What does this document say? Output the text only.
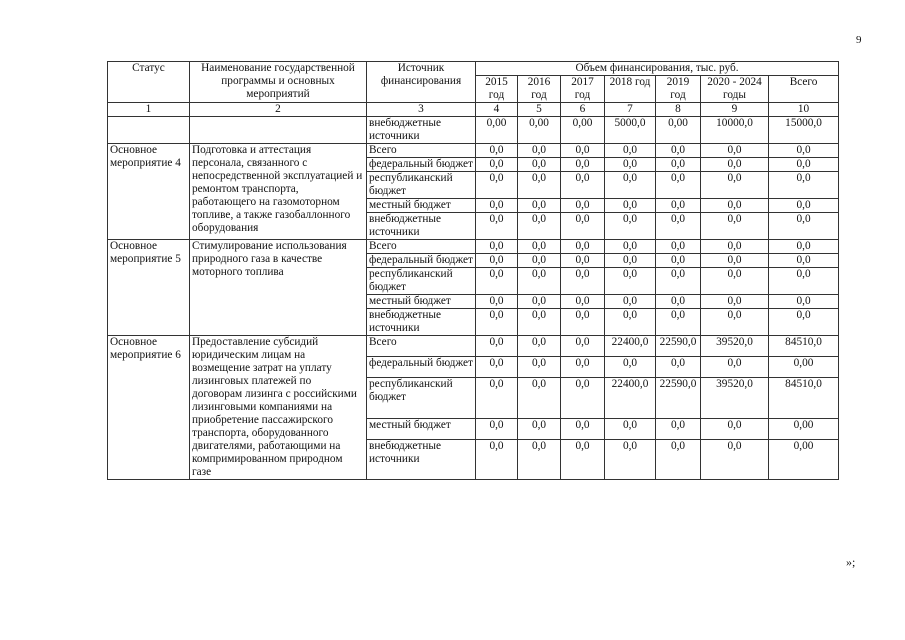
9
Статус	Наименование государственной программы и основных мероприятий	Источник финансирования	Объем финансирования, тыс. руб.						
			2015 год	2016 год	2017 год	2018 год	2019 год	2020 - 2024 годы	Всего
1	2	3	4	5	6	7	8	9	10
		внебюджетные источники	0,00	0,00	0,00	5000,0	0,00	10000,0	15000,0
Основное мероприятие 4	Подготовка и аттестация персонала, связанного с непосредственной эксплуатацией и ремонтом транспорта, работающего на газомоторном топливе, а также газобаллонного оборудования	Всего	0,0	0,0	0,0	0,0	0,0	0,0	0,0
		федеральный бюджет	0,0	0,0	0,0	0,0	0,0	0,0	0,0
		республиканский бюджет	0,0	0,0	0,0	0,0	0,0	0,0	0,0
		местный бюджет	0,0	0,0	0,0	0,0	0,0	0,0	0,0
		внебюджетные источники	0,0	0,0	0,0	0,0	0,0	0,0	0,0
Основное мероприятие 5	Стимулирование использования природного газа в качестве моторного топлива	Всего	0,0	0,0	0,0	0,0	0,0	0,0	0,0
		федеральный бюджет	0,0	0,0	0,0	0,0	0,0	0,0	0,0
		республиканский бюджет	0,0	0,0	0,0	0,0	0,0	0,0	0,0
		местный бюджет	0,0	0,0	0,0	0,0	0,0	0,0	0,0
		внебюджетные источники	0,0	0,0	0,0	0,0	0,0	0,0	0,0
Основное мероприятие 6	Предоставление субсидий юридическим лицам на возмещение затрат на уплату лизинговых платежей по договорам лизинга с российскими лизинговыми компаниями на приобретение пассажирского транспорта, оборудованного двигателями, работающими на компримированном природном газе	Всего	0,0	0,0	0,0	22400,0	22590,0	39520,0	84510,0
		федеральный бюджет	0,0	0,0	0,0	0,0	0,0	0,0	0,00
		республиканский бюджет	0,0	0,0	0,0	22400,0	22590,0	39520,0	84510,0
		местный бюджет	0,0	0,0	0,0	0,0	0,0	0,0	0,00
		внебюджетные источники	0,0	0,0	0,0	0,0	0,0	0,0	0,00
»;
